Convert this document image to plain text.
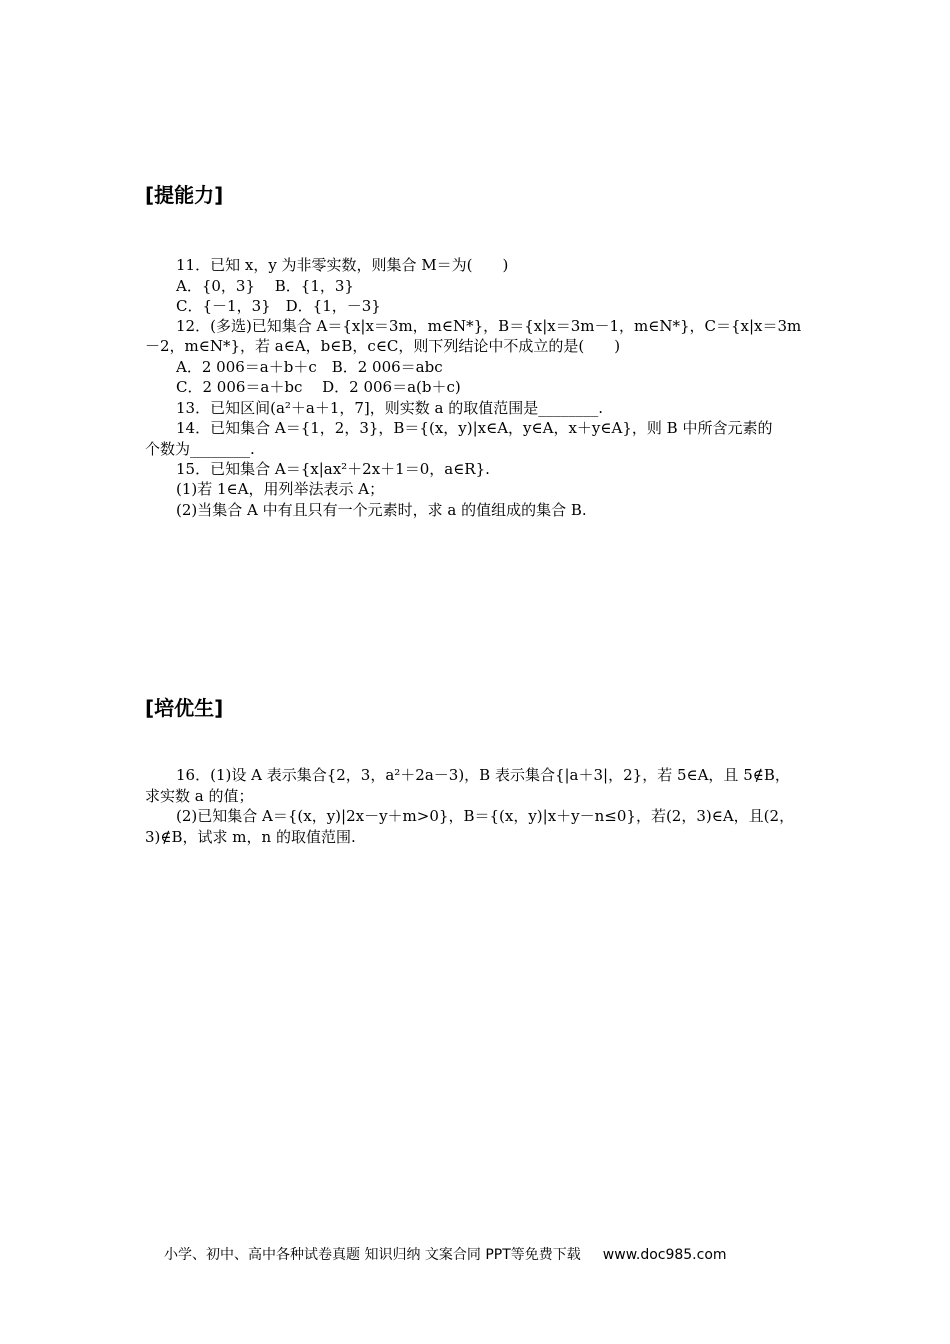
[提能力]
11．已知 x，y 为非零实数，则集合 M＝为(　　)
A．{0，3}　 B．{1，3}
C．{－1，3}　D．{1，－3}
12．(多选)已知集合 A＝{x|x＝3m，m∈N*}，B＝{x|x＝3m－1，m∈N*}，C＝{x|x＝3m
－2，m∈N*}，若 a∈A，b∈B，c∈C，则下列结论中不成立的是(　　)
A．2 006＝a＋b＋c　B．2 006＝abc
C．2 006＝a＋bc　 D．2 006＝a(b＋c)
13．已知区间(a²＋a＋1，7]，则实数 a 的取值范围是________.
14．已知集合 A＝{1，2，3}，B＝{(x，y)|x∈A，y∈A，x＋y∈A}，则 B 中所含元素的
个数为________.
15．已知集合 A＝{x|ax²＋2x＋1＝0，a∈R}.
(1)若 1∈A，用列举法表示 A；
(2)当集合 A 中有且只有一个元素时，求 a 的值组成的集合 B.
[培优生]
16．(1)设 A 表示集合{2，3，a²＋2a－3)，B 表示集合{|a＋3|，2}，若 5∈A，且 5∉B，
求实数 a 的值；
(2)已知集合 A＝{(x，y)|2x－y＋m>0}，B＝{(x，y)|x＋y－n≤0}，若(2，3)∈A，且(2，
3)∉B，试求 m，n 的取值范围.
小学、初中、高中各种试卷真题 知识归纳 文案合同 PPT等免费下载 www.doc985.com
